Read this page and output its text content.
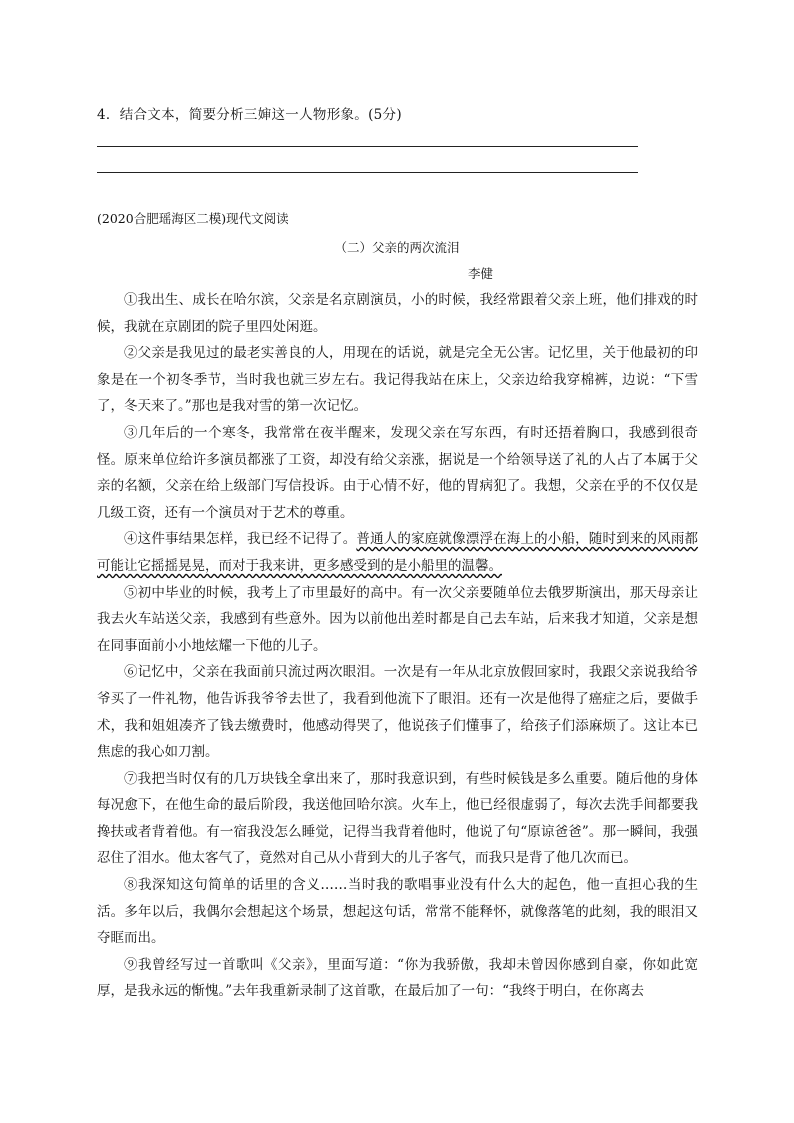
4．结合文本，简要分析三婶这一人物形象。(5分)
(2020合肥瑶海区二模)现代文阅读
（二）父亲的两次流泪
李健

①我出生、成长在哈尔滨，父亲是名京剧演员，小的时候，我经常跟着父亲上班，他们排戏的时候，我就在京剧团的院子里四处闲逛。

②父亲是我见过的最老实善良的人，用现在的话说，就是完全无公害。记忆里，关于他最初的印象是在一个初冬季节，当时我也就三岁左右。我记得我站在床上，父亲边给我穿棉裤，边说：“下雪了，冬天来了。”那也是我对雪的第一次记忆。

③几年后的一个寒冬，我常常在夜半醒来，发现父亲在写东西，有时还捂着胸口，我感到很奇怪。原来单位给许多演员都涨了工资，却没有给父亲涨，据说是一个给领导送了礼的人占了本属于父亲的名额，父亲在给上级部门写信投诉。由于心情不好，他的胃病犯了。我想，父亲在乎的不仅仅是几级工资，还有一个演员对于艺术的尊重。

④这件事结果怎样，我已经不记得了。普通人的家庭就像漂浮在海上的小船，随时到来的风雨都可能让它摇摇晃晃，而对于我来讲，更多感受到的是小船里的温馨。

⑤初中毕业的时候，我考上了市里最好的高中。有一次父亲要随单位去俄罗斯演出，那天母亲让我去火车站送父亲，我感到有些意外。因为以前他出差时都是自己去车站，后来我才知道，父亲是想在同事面前小小地炫耀一下他的儿子。

⑥记忆中，父亲在我面前只流过两次眼泪。一次是有一年从北京放假回家时，我跟父亲说我给爷爷买了一件礼物，他告诉我爷爷去世了，我看到他流下了眼泪。还有一次是他得了癌症之后，要做手术，我和姐姐凑齐了钱去缴费时，他感动得哭了，他说孩子们懂事了，给孩子们添麻烦了。这让本已焦虑的我心如刀割。

⑦我把当时仅有的几万块钱全拿出来了，那时我意识到，有些时候钱是多么重要。随后他的身体每况愈下，在他生命的最后阶段，我送他回哈尔滨。火车上，他已经很虚弱了，每次去洗手间都要我搀扶或者背着他。有一宿我没怎么睡觉，记得当我背着他时，他说了句“原谅爸爸”。那一瞬间，我强忍住了泪水。他太客气了，竟然对自己从小背到大的儿子客气，而我只是背了他几次而已。

⑧我深知这句简单的话里的含义……当时我的歌唱事业没有什么大的起色，他一直担心我的生活。多年以后，我偶尔会想起这个场景，想起这句话，常常不能释怀，就像落笔的此刻，我的眼泪又夺眶而出。

⑨我曾经写过一首歌叫《父亲》，里面写道：“你为我骄傲，我却未曾因你感到自豪，你如此宽厚，是我永远的惭愧。”去年我重新录制了这首歌，在最后加了一句：“我终于明白，在你离去
